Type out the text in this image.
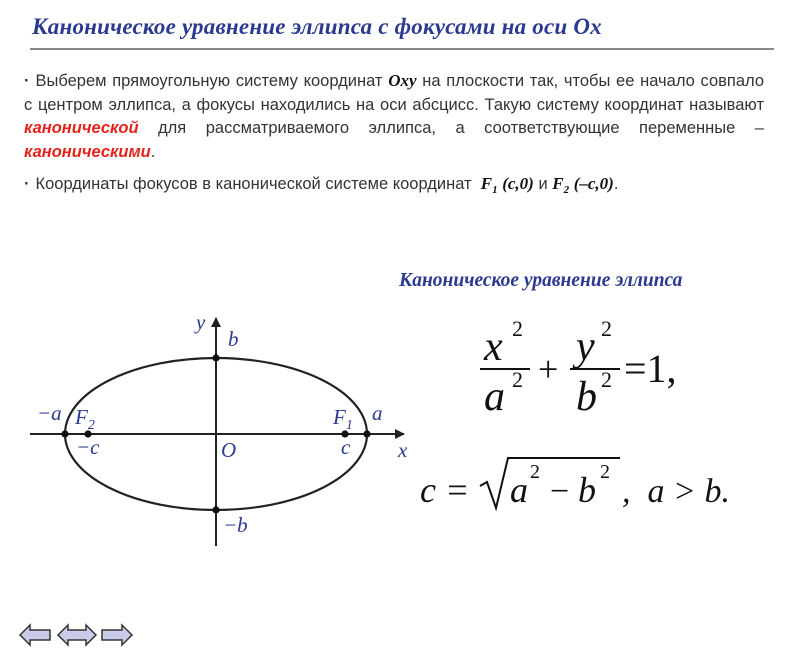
Каноническое уравнение эллипса с фокусами на оси Ox
· Выберем прямоугольную систему координат Oxy на плоскости так, чтобы ее начало совпало с центром эллипса, а фокусы находились на оси абсцисс. Такую систему координат называют канонической для рассматриваемого эллипса, а соответствующие переменные – каноническими.
· Координаты фокусов в канонической системе координат $F_1$ (c,0) и $F_2$ (–c,0).
Каноническое уравнение эллипса
y
x
O
b
−b
−a	a
−c	c
$F_2$	$F_1$
x 2
a 2 + y 2
b 2 =1,
c = a 2
− b 2
,  a > b.
